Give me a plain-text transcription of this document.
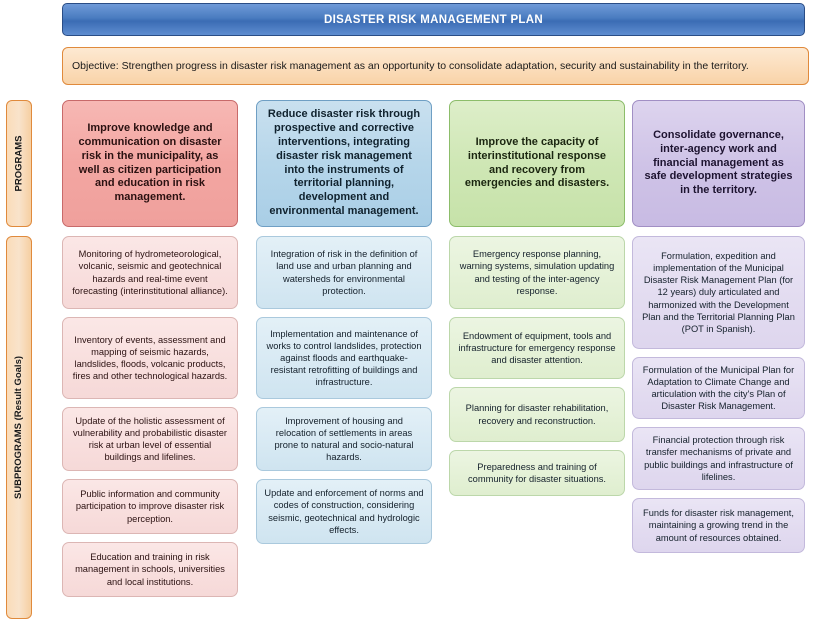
DISASTER RISK MANAGEMENT PLAN
Objective: Strengthen progress in disaster risk management as an opportunity to consolidate adaptation, security and sustainability in the territory.
PROGRAMS
SUBPROGRAMS (Result Goals)
Improve knowledge and communication on disaster risk in the municipality, as well as citizen participation and education in risk management.
Reduce disaster risk through prospective and corrective interventions, integrating disaster risk management into the instruments of territorial planning, development and environmental management.
Improve the capacity of interinstitutional response and recovery from emergencies and disasters.
Consolidate governance, inter-agency work and financial management as safe development strategies in the territory.
Monitoring of hydrometeorological, volcanic, seismic and geotechnical hazards and real-time event forecasting (interinstitutional alliance).
Inventory of events, assessment and mapping of seismic hazards, landslides, floods, volcanic products, fires and other technological hazards.
Update of the holistic assessment of vulnerability and probabilistic disaster risk at urban level of essential buildings and lifelines.
Public information and community participation to improve disaster risk perception.
Education and training in risk management in schools, universities and local institutions.
Integration of risk in the definition of land use and urban planning and watersheds for environmental protection.
Implementation and maintenance of works to control landslides, protection against floods and earthquake-resistant retrofitting of buildings and infrastructure.
Improvement of housing and relocation of settlements in areas prone to natural and socio-natural hazards.
Update and enforcement of norms and codes of construction, considering seismic, geotechnical and hydrologic effects.
Emergency response planning, warning systems, simulation updating and testing of the inter-agency response.
Endowment of equipment, tools and infrastructure for emergency response and disaster attention.
Planning for disaster rehabilitation, recovery and reconstruction.
Preparedness and training of community for disaster situations.
Formulation, expedition and implementation of the Municipal Disaster Risk Management Plan (for 12 years) duly articulated and harmonized with the Development Plan and the Territorial Planning Plan (POT in Spanish).
Formulation of the Municipal Plan for Adaptation to Climate Change and articulation with the city's Plan of Disaster Risk Management.
Financial protection through risk transfer mechanisms of private and public buildings and infrastructure of lifelines.
Funds for disaster risk management, maintaining a growing trend in the amount of resources obtained.
